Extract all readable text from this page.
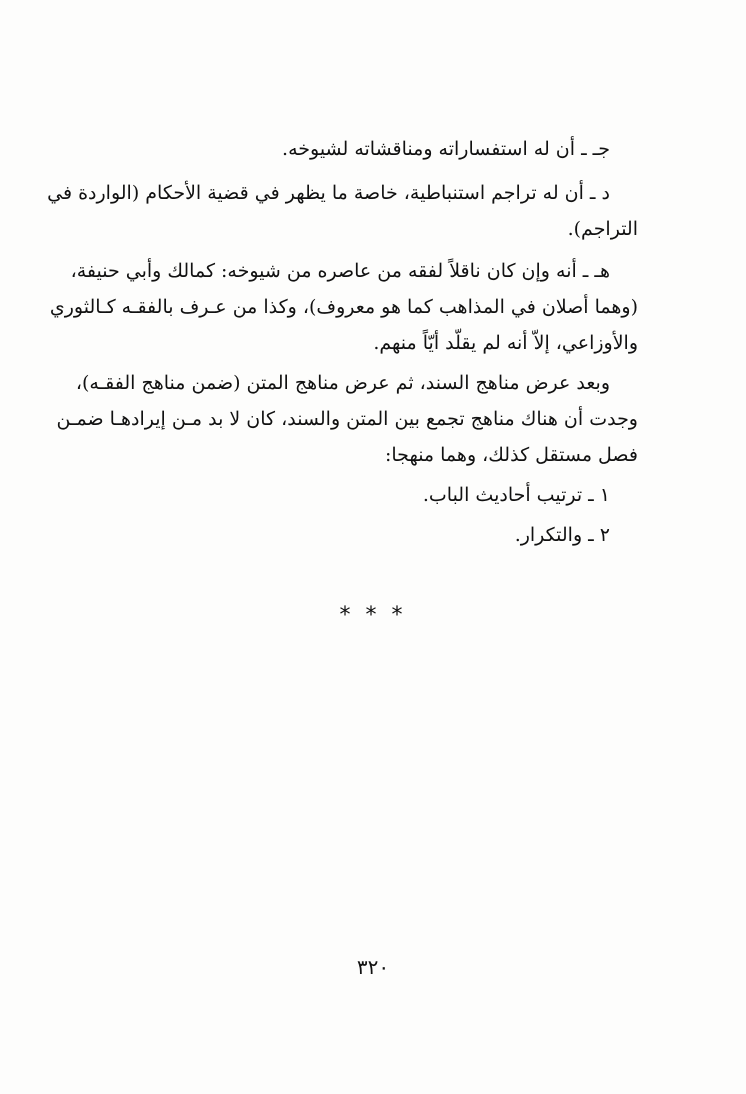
جـ ـ أن له استفساراته ومناقشاته لشيوخه.
د ـ أن له تراجم استنباطية، خاصة ما يظهر في قضية الأحكام (الواردة في
التراجم).
هـ ـ أنه وإن كان ناقلاً لفقه من عاصره من شيوخه: كمالك وأبي حنيفة،
(وهما أصلان في المذاهب كما هو معروف)، وكذا من عـرف بالفقـه كـالثوري
والأوزاعي، إلاّ أنه لم يقلّد أيّاً منهم.
وبعد عرض مناهج السند، ثم عرض مناهج المتن (ضمن مناهج الفقـه)،
وجدت أن هناك مناهج تجمع بين المتن والسند، كان لا بد مـن إيرادهـا ضمـن
فصل مستقل كذلك، وهما منهجا:
١ ـ ترتيب أحاديث الباب.
٢ ـ والتكرار.
* * *
٣٢٠
